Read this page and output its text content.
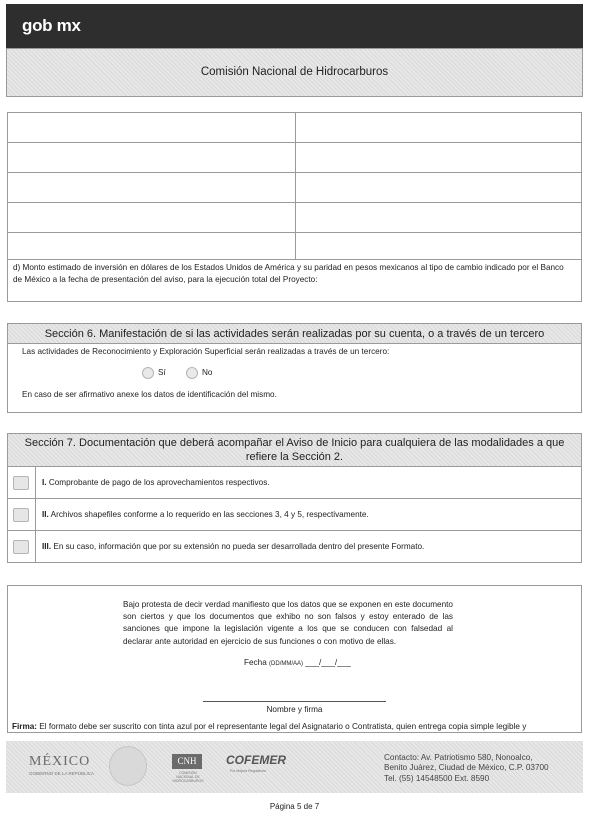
gob mx
Comisión Nacional de Hidrocarburos

d) Monto estimado de inversión en dólares de los Estados Unidos de América y su paridad en pesos mexicanos al tipo de cambio indicado por el Banco de México a la fecha de presentación del aviso, para la ejecución total del Proyecto:

Sección 6. Manifestación de si las actividades serán realizadas por su cuenta, o a través de un tercero
Las actividades de Reconocimiento y Exploración Superficial serán realizadas a través de un tercero:
Sí	No
En caso de ser afirmativo anexe los datos de identificación del mismo.
Sección 7. Documentación que deberá acompañar el Aviso de Inicio para cualquiera de las modalidades a que refiere la Sección 2.
I. Comprobante de pago de los aprovechamientos respectivos.
II. Archivos shapefiles conforme a lo requerido en las secciones 3, 4 y 5, respectivamente.
III. En su caso, información que por su extensión no pueda ser desarrollada dentro del presente Formato.
Bajo protesta de decir verdad manifiesto que los datos que se exponen en este documento son ciertos y que los documentos que exhibo no son falsos y estoy enterado de las sanciones que impone la legislación vigente a los que se conducen con falsedad al declarar ante autoridad en ejercicio de sus funciones o con motivo de ellas.
Fecha (DD/MM/AA) ___/___/___
Nombre y firma
Firma: El formato debe ser suscrito con tinta azul por el representante legal del Asignatario o Contratista, quien entrega copia simple legible y
MÉXICO
GOBIERNO DE LA REPÚBLICA
CNH
COMISIÓN NACIONAL DE HIDROCARBUROS
COFEMER
Por Mejora Regulatoria
Contacto: Av. Patriotismo 580, Nonoalco,
Benito Juárez, Ciudad de México, C.P. 03700
Tel. (55) 14548500 Ext. 8590
Página 5 de 7
